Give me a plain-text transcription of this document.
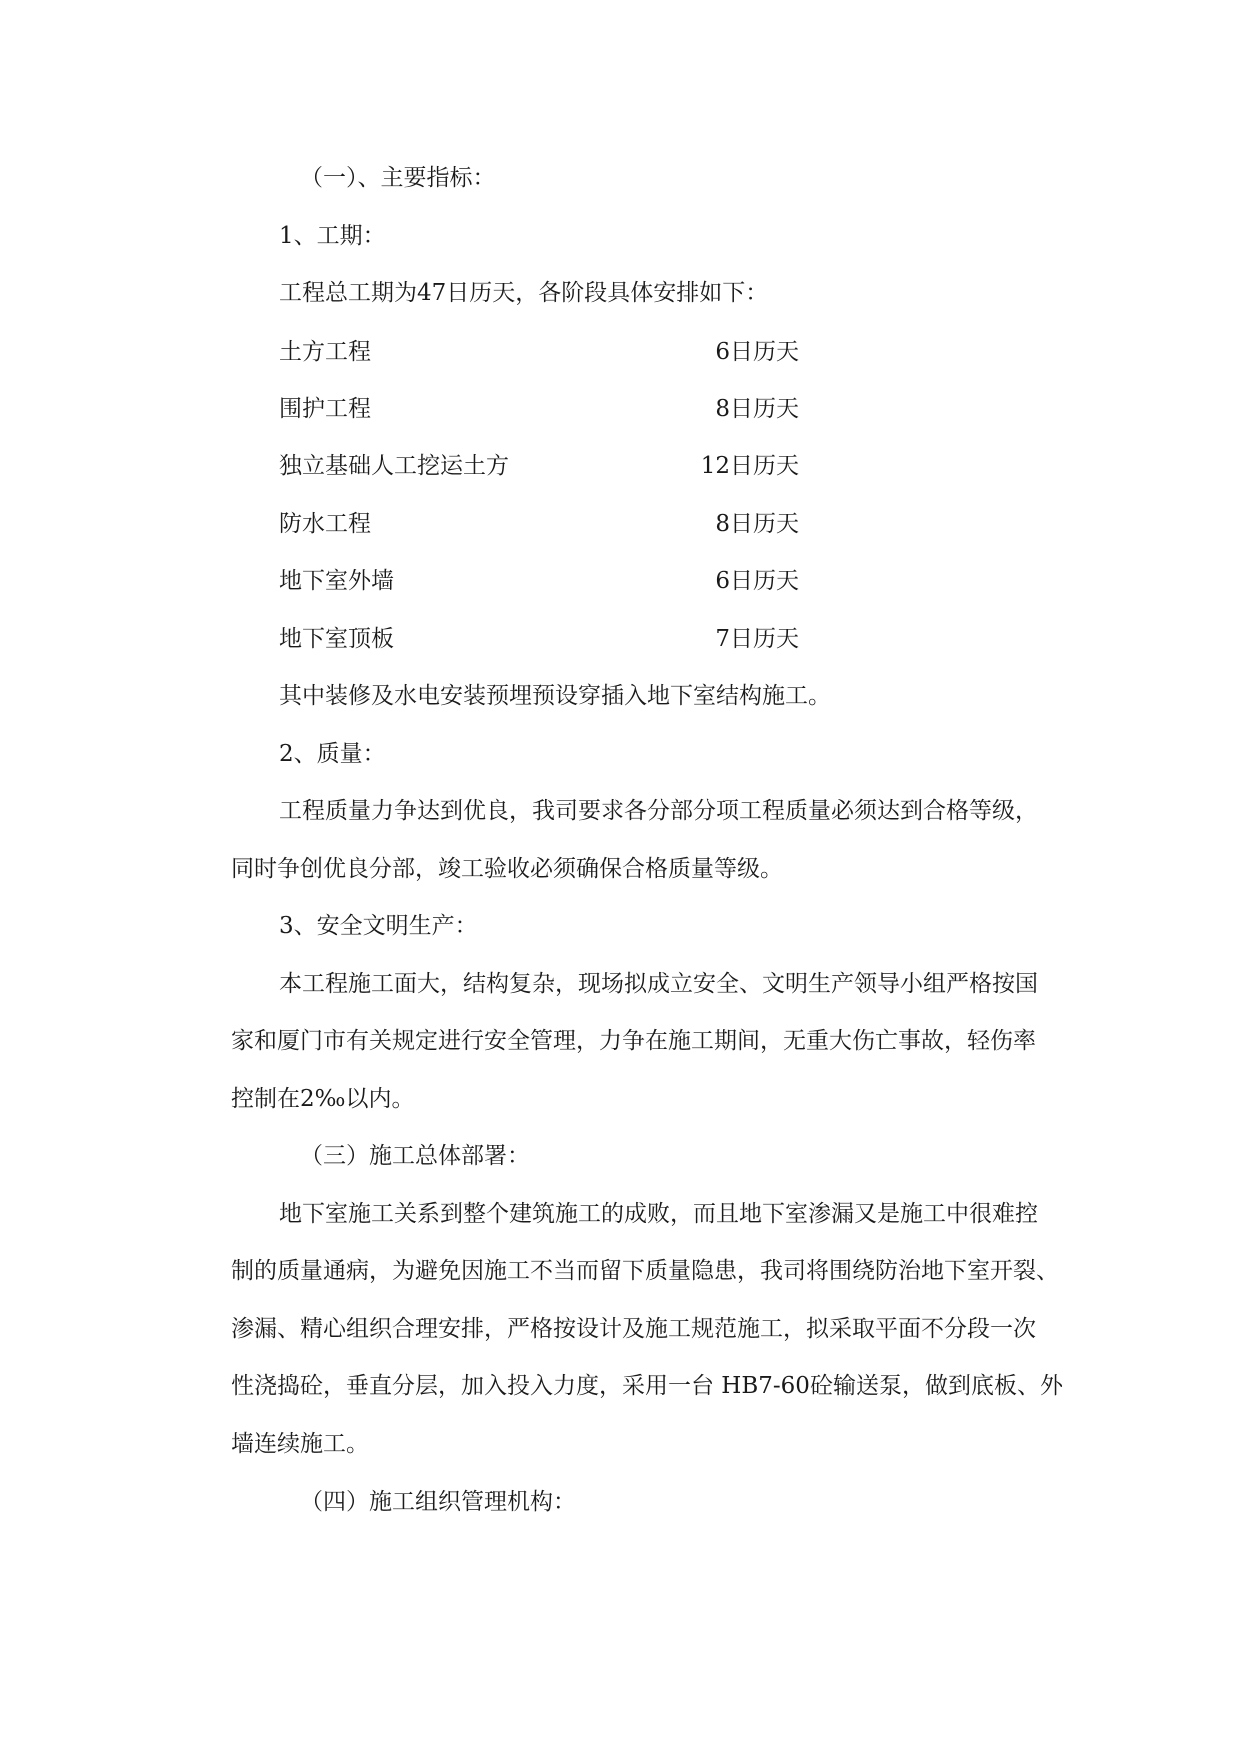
（一）、主要指标：
1、工期：
工程总工期为47日历天，各阶段具体安排如下：
土方工程	6日历天
围护工程	8日历天
独立基础人工挖运土方	12日历天
防水工程	8日历天
地下室外墙	6日历天
地下室顶板	7日历天
其中装修及水电安装预埋预设穿插入地下室结构施工。
2、质量：
工程质量力争达到优良，我司要求各分部分项工程质量必须达到合格等级，
同时争创优良分部，竣工验收必须确保合格质量等级。
3、安全文明生产：
本工程施工面大，结构复杂，现场拟成立安全、文明生产领导小组严格按国
家和厦门市有关规定进行安全管理，力争在施工期间，无重大伤亡事故，轻伤率
控制在2‰以内。
（三）施工总体部署：
地下室施工关系到整个建筑施工的成败，而且地下室渗漏又是施工中很难控
制的质量通病，为避免因施工不当而留下质量隐患，我司将围绕防治地下室开裂、
渗漏、精心组织合理安排，严格按设计及施工规范施工，拟采取平面不分段一次
性浇捣砼，垂直分层，加入投入力度，采用一台 HB7-60砼输送泵，做到底板、外
墙连续施工。
（四）施工组织管理机构：
